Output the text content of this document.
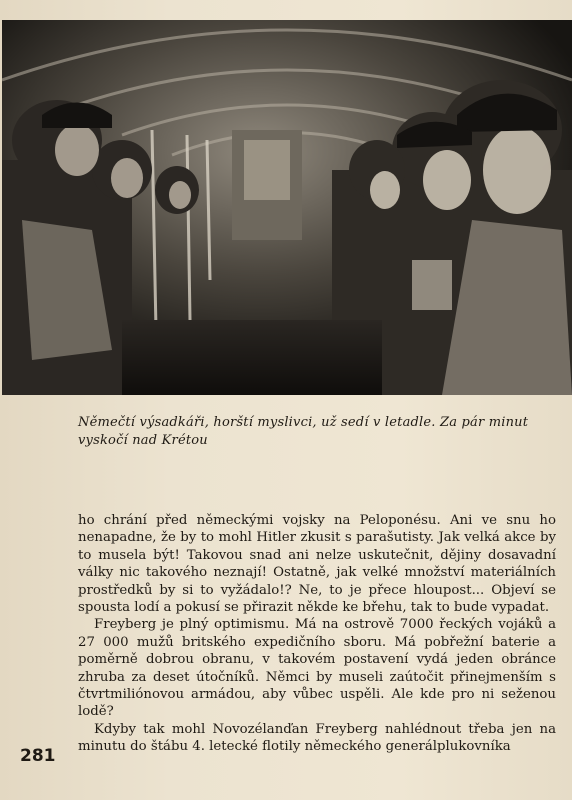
Němečtí výsadkáři, horští myslivci, už sedí v letadle. Za pár minut vyskočí nad Krétou

ho chrání před německými vojsky na Peloponésu. Ani ve snu ho nenapadne, že by to mohl Hitler zkusit s parašutisty. Jak velká akce by to musela být! Takovou snad ani nelze uskutečnit, dějiny dosavadní války nic takového neznají! Ostatně, jak velké množství materiálních prostředků by si to vyžádalo!? Ne, to je přece hloupost... Objeví se spousta lodí a pokusí se přirazit někde ke břehu, tak to bude vypadat.

Freyberg je plný optimismu. Má na ostrově 7000 řeckých vojáků a 27 000 mužů britského expedičního sboru. Má pobřežní baterie a poměrně dobrou obranu, v takovém postavení vydá jeden obránce zhruba za deset útočníků. Němci by museli zaútočit přinejmenším s čtvrtmiliónovou armádou, aby vůbec uspěli. Ale kde pro ni seženou lodě?

Kdyby tak mohl Novozélanďan Freyberg nahlédnout třeba jen na minutu do štábu 4. letecké flotily německého generálplukovníka

281
